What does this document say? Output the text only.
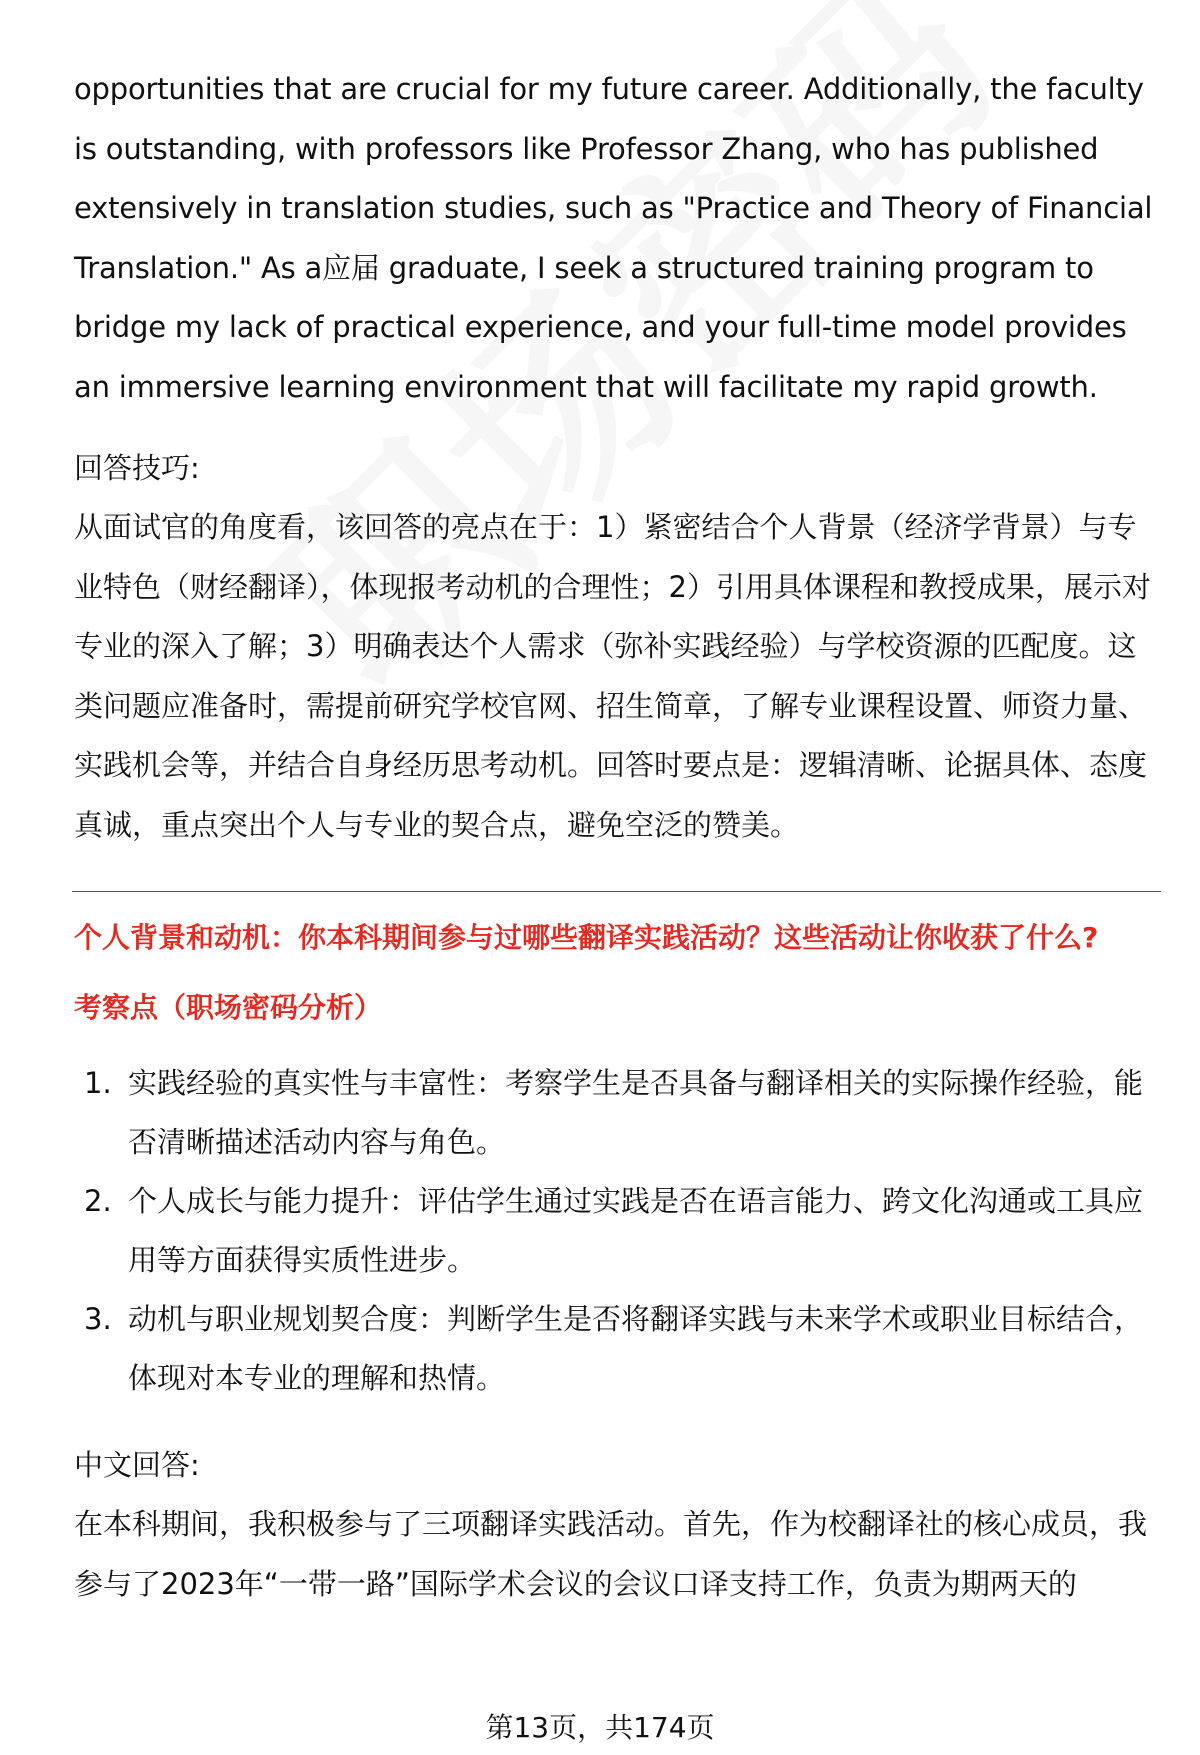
opportunities that are crucial for my future career. Additionally, the faculty is outstanding, with professors like Professor Zhang, who has published extensively in translation studies, such as "Practice and Theory of Financial Translation." As a应届 graduate, I seek a structured training program to bridge my lack of practical experience, and your full-time model provides an immersive learning environment that will facilitate my rapid growth.

回答技巧:

从面试官的角度看，该回答的亮点在于：1）紧密结合个人背景（经济学背景）与专业特色（财经翻译），体现报考动机的合理性；2）引用具体课程和教授成果，展示对专业的深入了解；3）明确表达个人需求（弥补实践经验）与学校资源的匹配度。这类问题应准备时，需提前研究学校官网、招生简章，了解专业课程设置、师资力量、实践机会等，并结合自身经历思考动机。回答时要点是：逻辑清晰、论据具体、态度真诚，重点突出个人与专业的契合点，避免空泛的赞美。

个人背景和动机：你本科期间参与过哪些翻译实践活动？这些活动让你收获了什么?

考察点（职场密码分析）

1. 实践经验的真实性与丰富性：考察学生是否具备与翻译相关的实际操作经验，能否清晰描述活动内容与角色。
2. 个人成长与能力提升：评估学生通过实践是否在语言能力、跨文化沟通或工具应用等方面获得实质性进步。
3. 动机与职业规划契合度：判断学生是否将翻译实践与未来学术或职业目标结合，体现对本专业的理解和热情。

中文回答:

在本科期间，我积极参与了三项翻译实践活动。首先，作为校翻译社的核心成员，我参与了2023年“一带一路”国际学术会议的会议口译支持工作，负责为期两天的

第13页，共174页
